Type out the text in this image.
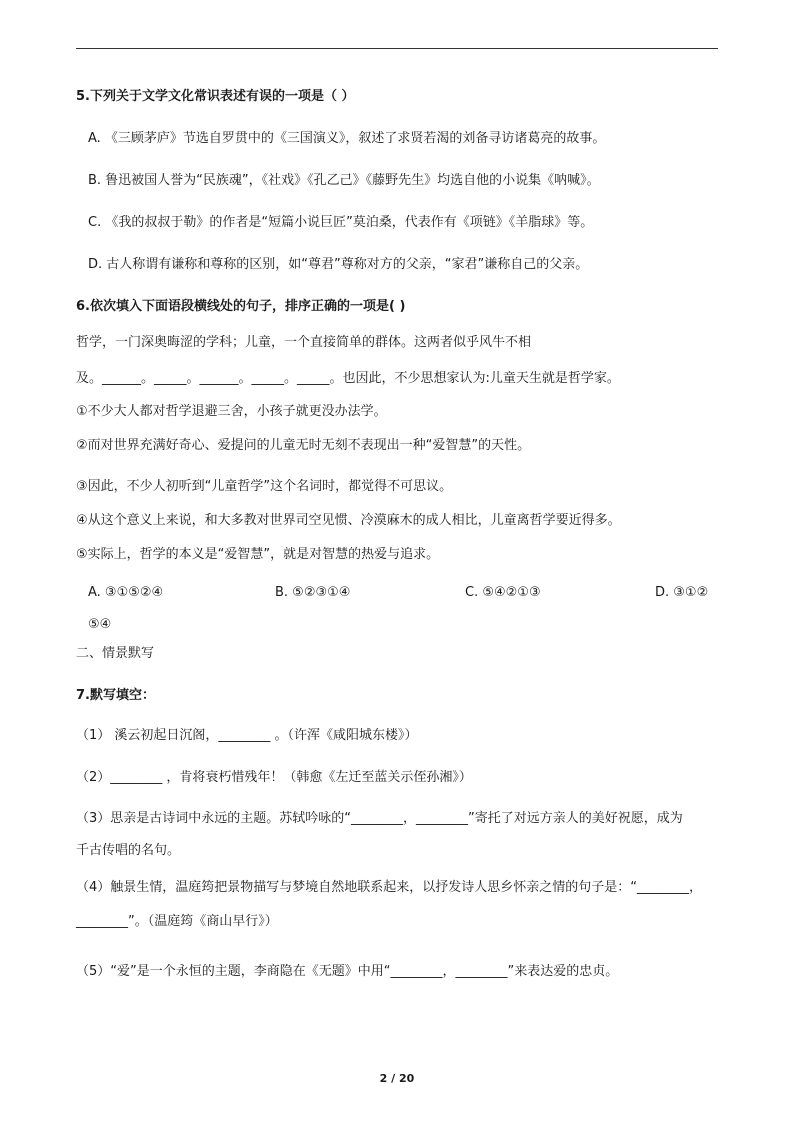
5.下列关于文学文化常识表述有误的一项是（ ）
A. 《三顾茅庐》节选自罗贯中的《三国演义》，叙述了求贤若渴的刘备寻访诸葛亮的故事。
B. 鲁迅被国人誉为“民族魂”，《社戏》《孔乙己》《藤野先生》均选自他的小说集《呐喊》。
C. 《我的叔叔于勒》的作者是“短篇小说巨匠”莫泊桑，代表作有《项链》《羊脂球》等。
D. 古人称谓有谦称和尊称的区别，如“尊君”尊称对方的父亲，“家君”谦称自己的父亲。
6.依次填入下面语段横线处的句子，排序正确的一项是( )
哲学，一门深奥晦涩的学科；儿童，一个直接简单的群体。这两者似乎风牛不相
及。______。_____。______。_____。_____。也因此，不少思想家认为:儿童天生就是哲学家。
①不少大人都对哲学退避三舍，小孩子就更没办法学。
②而对世界充满好奇心、爱提问的儿童无时无刻不表现出一种“爱智慧”的天性。
③因此，不少人初听到“儿童哲学”这个名词时，都觉得不可思议。
④从这个意义上来说，和大多教对世界司空见惯、冷漠麻木的成人相比，儿童离哲学要近得多。
⑤实际上，哲学的本义是“爱智慧”，就是对智慧的热爱与追求。
A. ③①⑤②④	B. ⑤②③①④	C. ⑤④②①③	D. ③①②
⑤④
二、情景默写
7.默写填空：
（1） 溪云初起日沉阁，________ 。（许浑《咸阳城东楼》）
（2）________ ，肯将衰朽惜残年！（韩愈《左迁至蓝关示侄孙湘》）
（3）思亲是古诗词中永远的主题。苏轼吟咏的“________，________”寄托了对远方亲人的美好祝愿，成为
千古传唱的名句。
（4）触景生情，温庭筠把景物描写与梦境自然地联系起来，以抒发诗人思乡怀亲之情的句子是：“________，
________”。（温庭筠《商山早行》）
（5）“爱”是一个永恒的主题，李商隐在《无题》中用“________，________”来表达爱的忠贞。
2 / 20
